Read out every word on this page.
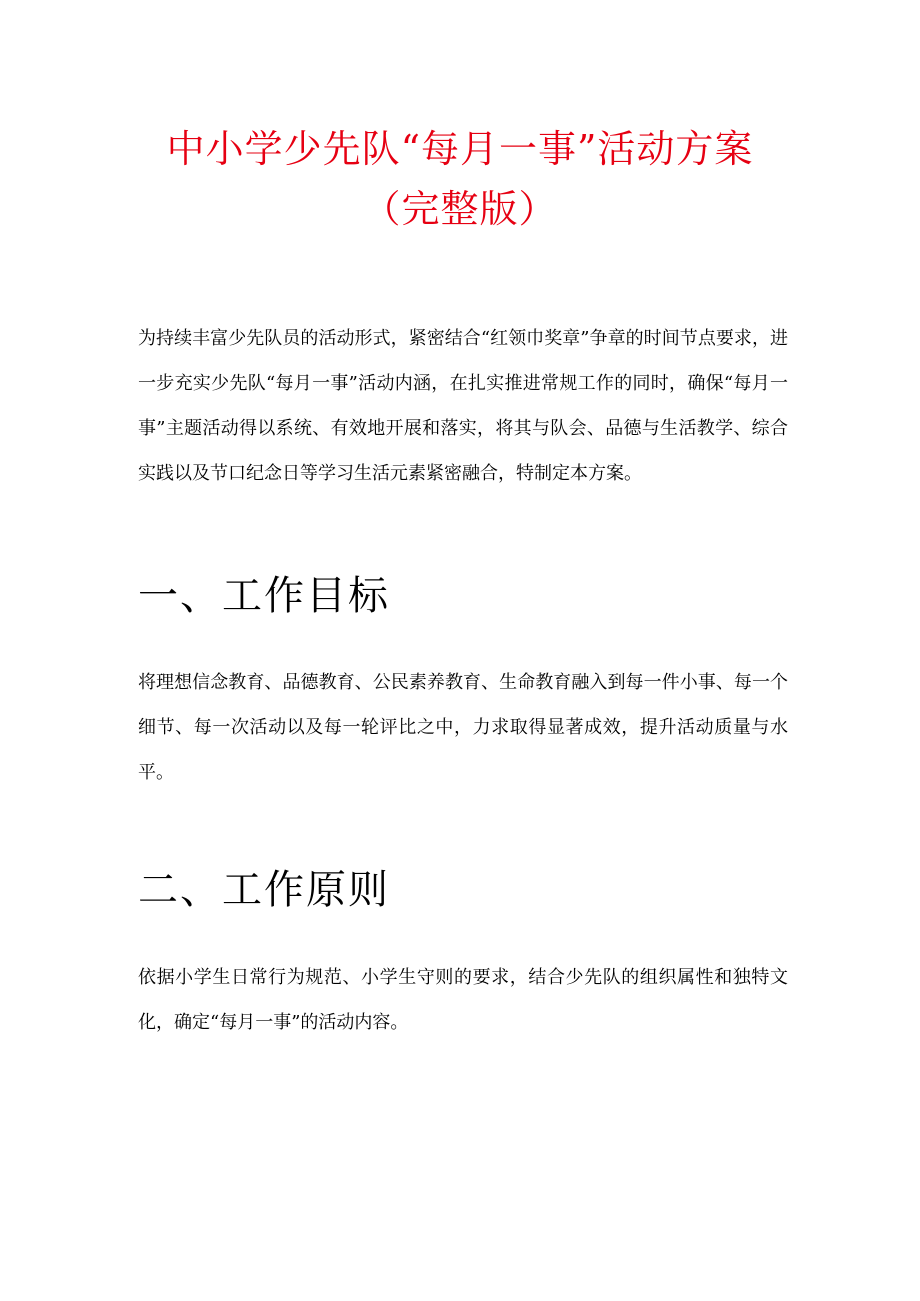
中小学少先队“每月一事”活动方案
（完整版）

为持续丰富少先队员的活动形式，紧密结合“红领巾奖章”争章的时间节点要求，进一步充实少先队“每月一事”活动内涵，在扎实推进常规工作的同时，确保“每月一事”主题活动得以系统、有效地开展和落实，将其与队会、品德与生活教学、综合实践以及节口纪念日等学习生活元素紧密融合，特制定本方案。

一、工作目标

将理想信念教育、品德教育、公民素养教育、生命教育融入到每一件小事、每一个细节、每一次活动以及每一轮评比之中，力求取得显著成效，提升活动质量与水平。

二、工作原则

依据小学生日常行为规范、小学生守则的要求，结合少先队的组织属性和独特文化，确定“每月一事”的活动内容。
